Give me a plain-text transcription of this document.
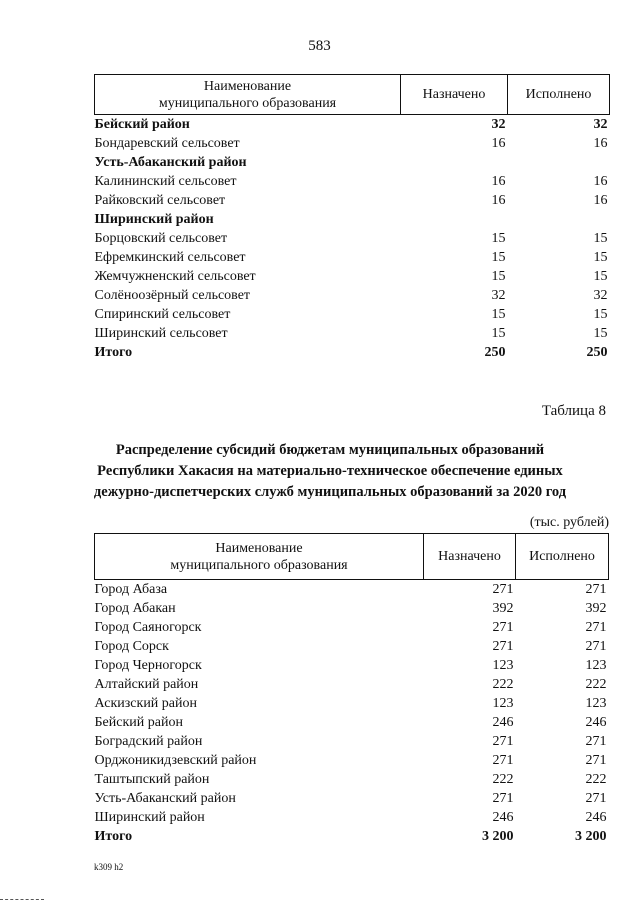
583
Наименование
муниципального образования	Назначено	Исполнено
Бейский район	32	32
Бондаревский сельсовет	16	16
Усть-Абаканский район		
Калининский сельсовет	16	16
Райковский сельсовет	16	16
Ширинский район		
Борцовский сельсовет	15	15
Ефремкинский сельсовет	15	15
Жемчужненский сельсовет	15	15
Солёноозёрный сельсовет	32	32
Спиринский сельсовет	15	15
Ширинский сельсовет	15	15
Итого	250	250
Таблица 8
Распределение субсидий бюджетам муниципальных образований
Республики Хакасия на материально-техническое обеспечение единых
дежурно-диспетчерских служб муниципальных образований за 2020 год
(тыс. рублей)
Наименование
муниципального образования	Назначено	Исполнено
Город Абаза	271	271
Город Абакан	392	392
Город Саяногорск	271	271
Город Сорск	271	271
Город Черногорск	123	123
Алтайский район	222	222
Аскизский район	123	123
Бейский район	246	246
Боградский район	271	271
Орджоникидзевский район	271	271
Таштыпский район	222	222
Усть-Абаканский район	271	271
Ширинский район	246	246
Итого	3 200	3 200
k309 h2
